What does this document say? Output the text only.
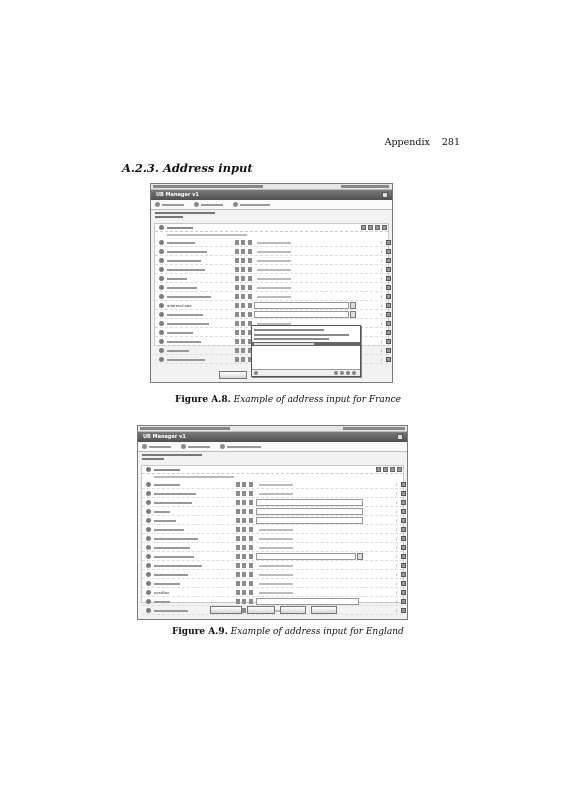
Appendix 281
A.2.3. Address input
UB Manager v1
∕
∕
∕
∕
∕
∕
∕
addressCode	∕
∕
∕
∕
∕
∕
∕
Figure A.8. Example of address input for France
UB Manager v1
∕
∕
∕
∕
∕
∕
∕
∕
∕
∕
∕
∕
postBox	∕
∕
∕
Figure A.9. Example of address input for England
